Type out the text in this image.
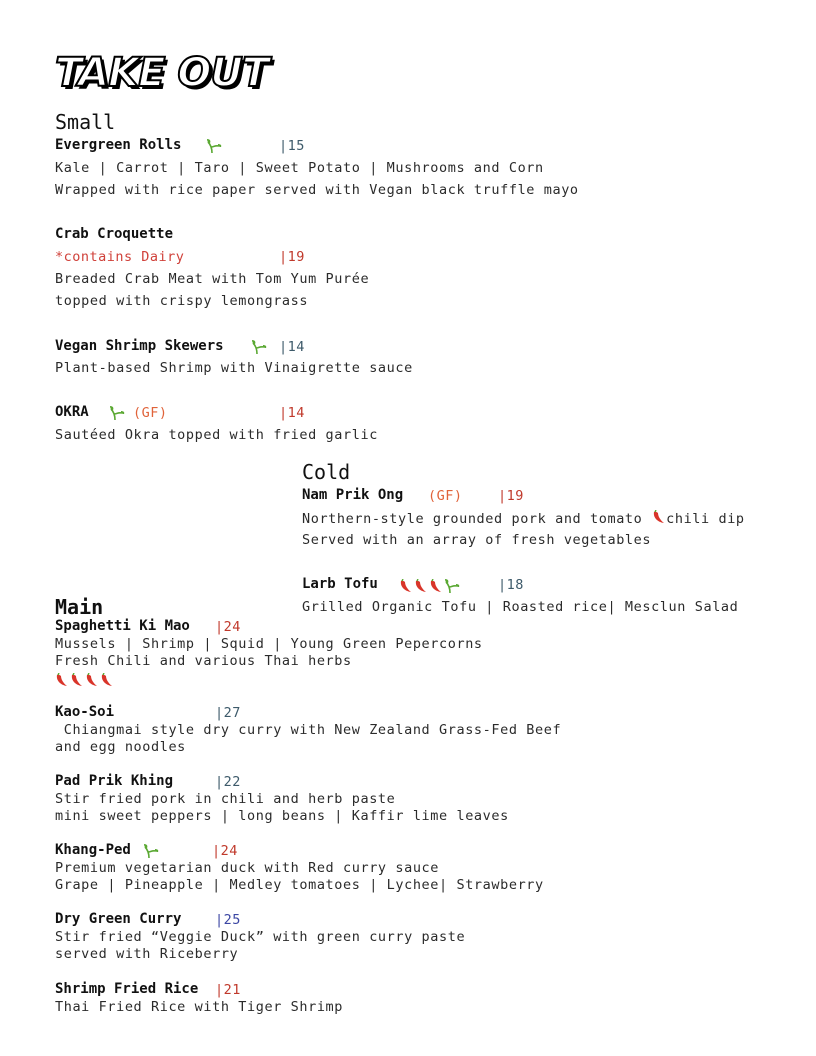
TAKE OUT
Small
Evergreen Rolls	|15
Kale | Carrot | Taro | Sweet Potato | Mushrooms and Corn
Wrapped with rice paper served with Vegan black truffle mayo
Crab Croquette
*contains Dairy	|19
Breaded Crab Meat with Tom Yum Purée
topped with crispy lemongrass
Vegan Shrimp Skewers	|14
Plant-based Shrimp with Vinaigrette sauce
OKRA	(GF)	|14
Sautéed Okra topped with fried garlic
Cold
Nam Prik Ong (GF)	|19
Northern-style grounded pork and tomato chili dip
Served with an array of fresh vegetables
Larb Tofu	|18
Grilled Organic Tofu | Roasted rice| Mesclun Salad
Main
Spaghetti Ki Mao |24
Mussels | Shrimp | Squid | Young Green Pepercorns
Fresh Chili and various Thai herbs
Kao-Soi	|27
Chiangmai style dry curry with New Zealand Grass-Fed Beef
and egg noodles
Pad Prik Khing	|22
Stir fried pork in chili and herb paste
mini sweet peppers | long beans | Kaffir lime leaves
Khang-Ped	|24
Premium vegetarian duck with Red curry sauce
Grape | Pineapple | Medley tomatoes | Lychee| Strawberry
Dry Green Curry |25
Stir fried “Veggie Duck” with green curry paste
served with Riceberry
Shrimp Fried Rice |21
Thai Fried Rice with Tiger Shrimp
